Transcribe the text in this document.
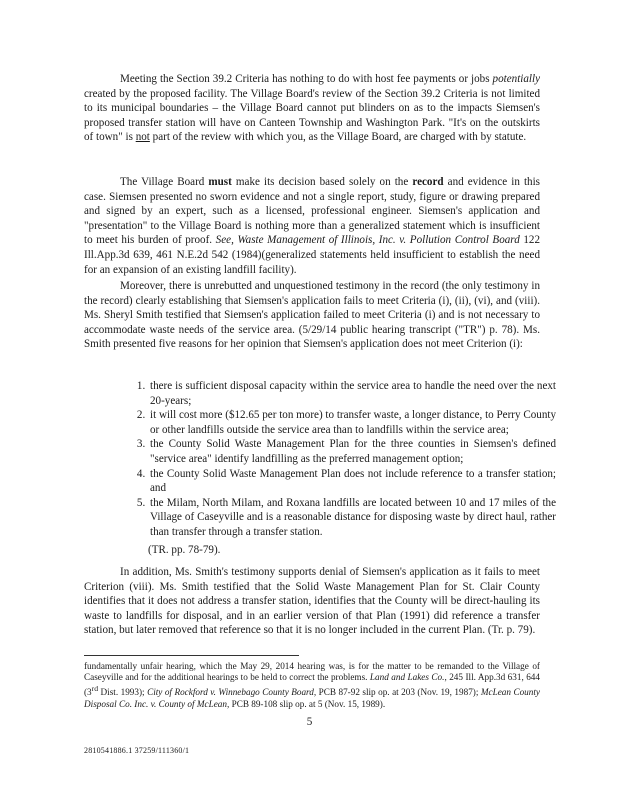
Meeting the Section 39.2 Criteria has nothing to do with host fee payments or jobs potentially created by the proposed facility. The Village Board's review of the Section 39.2 Criteria is not limited to its municipal boundaries – the Village Board cannot put blinders on as to the impacts Siemsen's proposed transfer station will have on Canteen Township and Washington Park. "It's on the outskirts of town" is not part of the review with which you, as the Village Board, are charged with by statute.

The Village Board must make its decision based solely on the record and evidence in this case. Siemsen presented no sworn evidence and not a single report, study, figure or drawing prepared and signed by an expert, such as a licensed, professional engineer. Siemsen's application and "presentation" to the Village Board is nothing more than a generalized statement which is insufficient to meet his burden of proof. See, Waste Management of Illinois, Inc. v. Pollution Control Board 122 Ill.App.3d 639, 461 N.E.2d 542 (1984)(generalized statements held insufficient to establish the need for an expansion of an existing landfill facility).

Moreover, there is unrebutted and unquestioned testimony in the record (the only testimony in the record) clearly establishing that Siemsen's application fails to meet Criteria (i), (ii), (vi), and (viii). Ms. Sheryl Smith testified that Siemsen's application failed to meet Criteria (i) and is not necessary to accommodate waste needs of the service area. (5/29/14 public hearing transcript ("TR") p. 78). Ms. Smith presented five reasons for her opinion that Siemsen's application does not meet Criterion (i):

1. there is sufficient disposal capacity within the service area to handle the need over the next 20-years;
2. it will cost more ($12.65 per ton more) to transfer waste, a longer distance, to Perry County or other landfills outside the service area than to landfills within the service area;
3. the County Solid Waste Management Plan for the three counties in Siemsen's defined "service area" identify landfilling as the preferred management option;
4. the County Solid Waste Management Plan does not include reference to a transfer station; and
5. the Milam, North Milam, and Roxana landfills are located between 10 and 17 miles of the Village of Caseyville and is a reasonable distance for disposing waste by direct haul, rather than transfer through a transfer station.

(TR. pp. 78-79).

In addition, Ms. Smith's testimony supports denial of Siemsen's application as it fails to meet Criterion (viii). Ms. Smith testified that the Solid Waste Management Plan for St. Clair County identifies that it does not address a transfer station, identifies that the County will be direct-hauling its waste to landfills for disposal, and in an earlier version of that Plan (1991) did reference a transfer station, but later removed that reference so that it is no longer included in the current Plan. (Tr. p. 79).

fundamentally unfair hearing, which the May 29, 2014 hearing was, is for the matter to be remanded to the Village of Caseyville and for the additional hearings to be held to correct the problems. Land and Lakes Co., 245 Ill. App.3d 631, 644 (3rd Dist. 1993); City of Rockford v. Winnebago County Board, PCB 87-92 slip op. at 203 (Nov. 19, 1987); McLean County Disposal Co. Inc. v. County of McLean, PCB 89-108 slip op. at 5 (Nov. 15, 1989).

5

2810541886.1 37259/111360/1
